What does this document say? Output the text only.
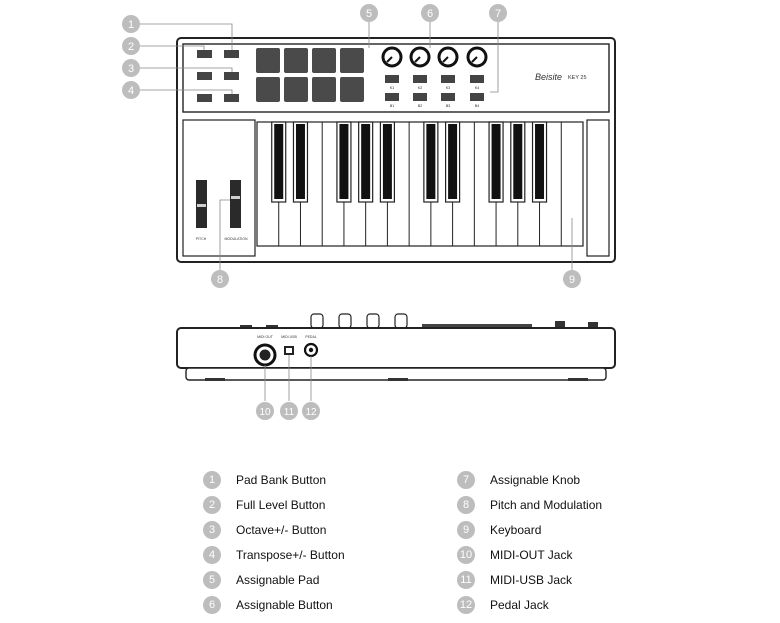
K1	K2	K3	K4
B1	B2	B3	B4
Beisite KEY 25
PITCH	MODULATION
MIDI OUT MIDI USB PEDAL
1
2
3
4
5	6	7
8	9
10 11 12
1	Pad Bank Button
2	Full Level Button
3	Octave+/- Button
4	Transpose+/- Button
5	Assignable Pad
6	Assignable Button
7	Assignable Knob
8	Pitch and Modulation
9	Keyboard
10 MIDI-OUT Jack
11 MIDI-USB Jack
12 Pedal Jack
